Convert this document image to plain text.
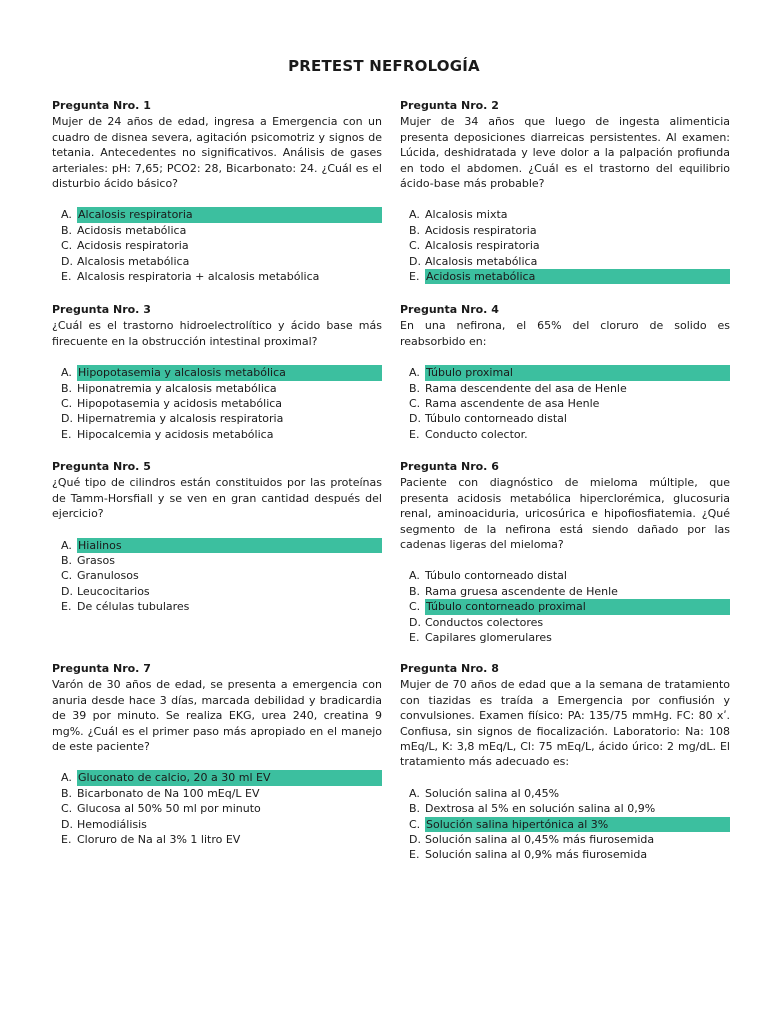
PRETEST NEFROLOGÍA
Pregunta Nro. 1

Mujer de 24 años de edad, ingresa a Emergencia con un cuadro de disnea severa, agitación psicomotriz y signos de tetania. Antecedentes no signiﬁcativos. Análisis de gases arteriales: pH: 7,65; PCO2: 28, Bicarbonato: 24. ¿Cuál es el disturbio ácido básico?

A. Alcalosis respiratoria
B. Acidosis metabólica
C. Acidosis respiratoria
D. Alcalosis metabólica
E. Alcalosis respiratoria + alcalosis metabólica
Pregunta Nro. 2

Mujer de 34 años que luego de ingesta alimenticia presenta deposiciones diarreicas persistentes. Al examen: Lúcida, deshidratada y leve dolor a la palpación proﬁunda en todo el abdomen. ¿Cuál es el trastorno del equilibrio ácido-base más probable?

A. Alcalosis mixta
B. Acidosis respiratoria
C. Alcalosis respiratoria
D. Alcalosis metabólica
E. Acidosis metabólica
Pregunta Nro. 3

¿Cuál es el trastorno hidroelectrolítico y ácido base más ﬁrecuente en la obstrucción intestinal proximal?

A. Hipopotasemia y alcalosis metabólica
B. Hiponatremia y alcalosis metabólica
C. Hipopotasemia y acidosis metabólica
D. Hipernatremia y alcalosis respiratoria
E. Hipocalcemia y acidosis metabólica
Pregunta Nro. 4

En una neﬁrona, el 65% del cloruro de solido es reabsorbido en:

A. Túbulo proximal
B. Rama descendente del asa de Henle
C. Rama ascendente de asa Henle
D. Túbulo contorneado distal
E. Conducto colector.
Pregunta Nro. 5

¿Qué tipo de cilindros están constituidos por las proteínas de Tamm-Horsﬁall y se ven en gran cantidad después del ejercicio?

A. Hialinos
B. Grasos
C. Granulosos
D. Leucocitarios
E. De células tubulares
Pregunta Nro. 6

Paciente con diagnóstico de mieloma múltiple, que presenta acidosis metabólica hiperclorémica, glucosuria renal, aminoaciduria, uricosúrica e hipoﬁosﬁatemia. ¿Qué segmento de la neﬁrona está siendo dañado por las cadenas ligeras del mieloma?

A. Túbulo contorneado distal
B. Rama gruesa ascendente de Henle
C. Túbulo contorneado proximal
D. Conductos colectores
E. Capilares glomerulares
Pregunta Nro. 7

Varón de 30 años de edad, se presenta a emergencia con anuria desde hace 3 días, marcada debilidad y bradicardia de 39 por minuto. Se realiza EKG, urea 240, creatina 9 mg%. ¿Cuál es el primer paso más apropiado en el manejo de este paciente?

A. Gluconato de calcio, 20 a 30 ml EV
B. Bicarbonato de Na 100 mEq/L EV
C. Glucosa al 50% 50 ml por minuto
D. Hemodiálisis
E. Cloruro de Na al 3% 1 litro EV
Pregunta Nro. 8

Mujer de 70 años de edad que a la semana de tratamiento con tiazidas es traída a Emergencia por conﬁusión y convulsiones. Examen ﬁísico: PA: 135/75 mmHg. FC: 80 xʹ. Conﬁusa, sin signos de ﬁocalización. Laboratorio: Na: 108 mEq/L, K: 3,8 mEq/L, Cl: 75 mEq/L, ácido úrico: 2 mg/dL. El tratamiento más adecuado es:

A. Solución salina al 0,45%
B. Dextrosa al 5% en solución salina al 0,9%
C. Solución salina hipertónica al 3%
D. Solución salina al 0,45% más ﬁurosemida
E. Solución salina al 0,9% más ﬁurosemida
